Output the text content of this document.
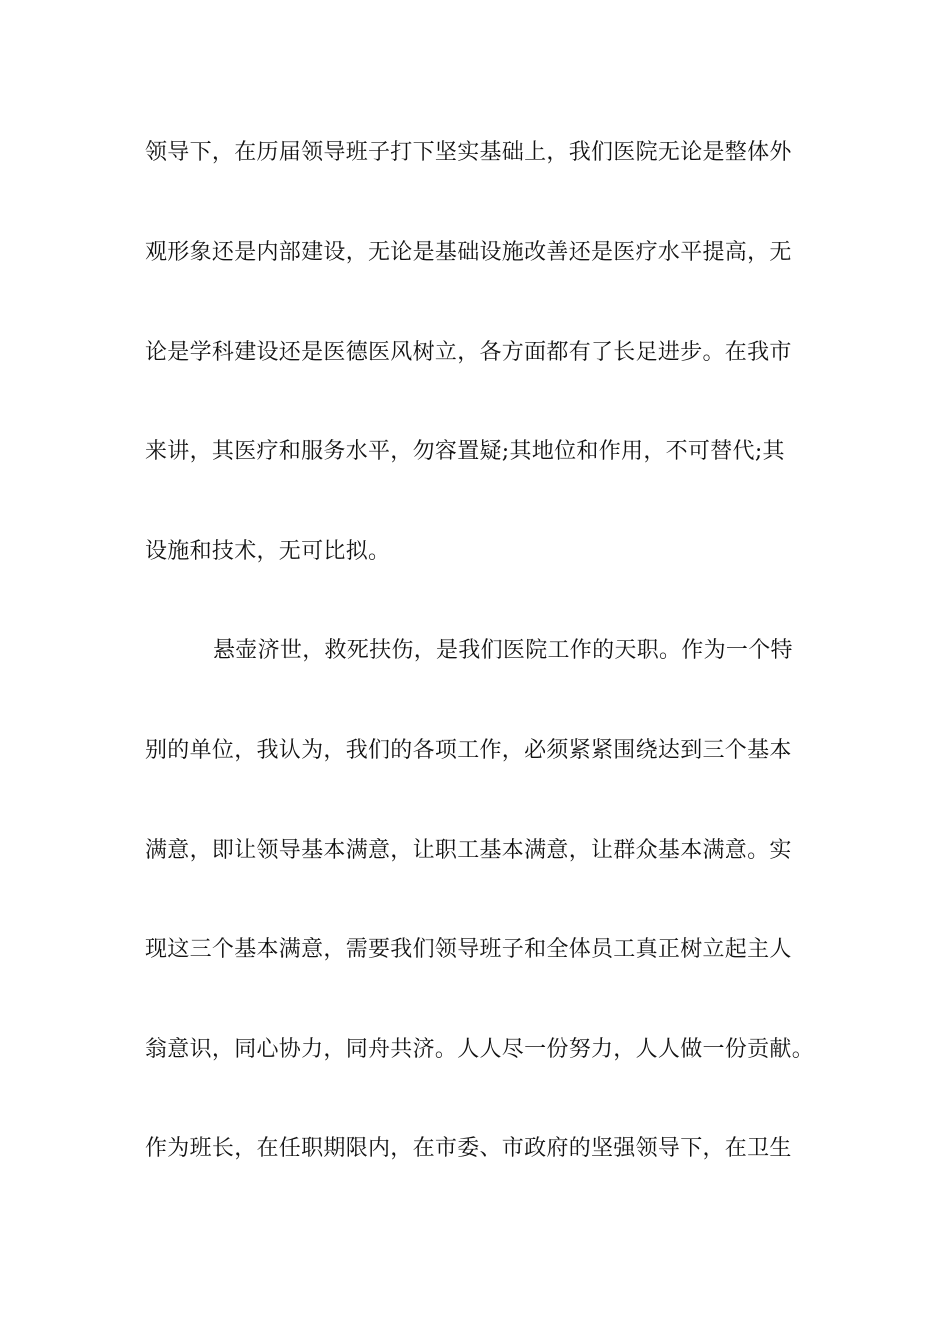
领导下，在历届领导班子打下坚实基础上，我们医院无论是整体外
观形象还是内部建设，无论是基础设施改善还是医疗水平提高，无
论是学科建设还是医德医风树立，各方面都有了长足进步。在我市
来讲，其医疗和服务水平，勿容置疑;其地位和作用，不可替代;其
设施和技术，无可比拟。
悬壶济世，救死扶伤，是我们医院工作的天职。作为一个特
别的单位，我认为，我们的各项工作，必须紧紧围绕达到三个基本
满意，即让领导基本满意，让职工基本满意，让群众基本满意。实
现这三个基本满意，需要我们领导班子和全体员工真正树立起主人
翁意识，同心协力，同舟共济。人人尽一份努力，人人做一份贡献。
作为班长，在任职期限内，在市委、市政府的坚强领导下，在卫生
